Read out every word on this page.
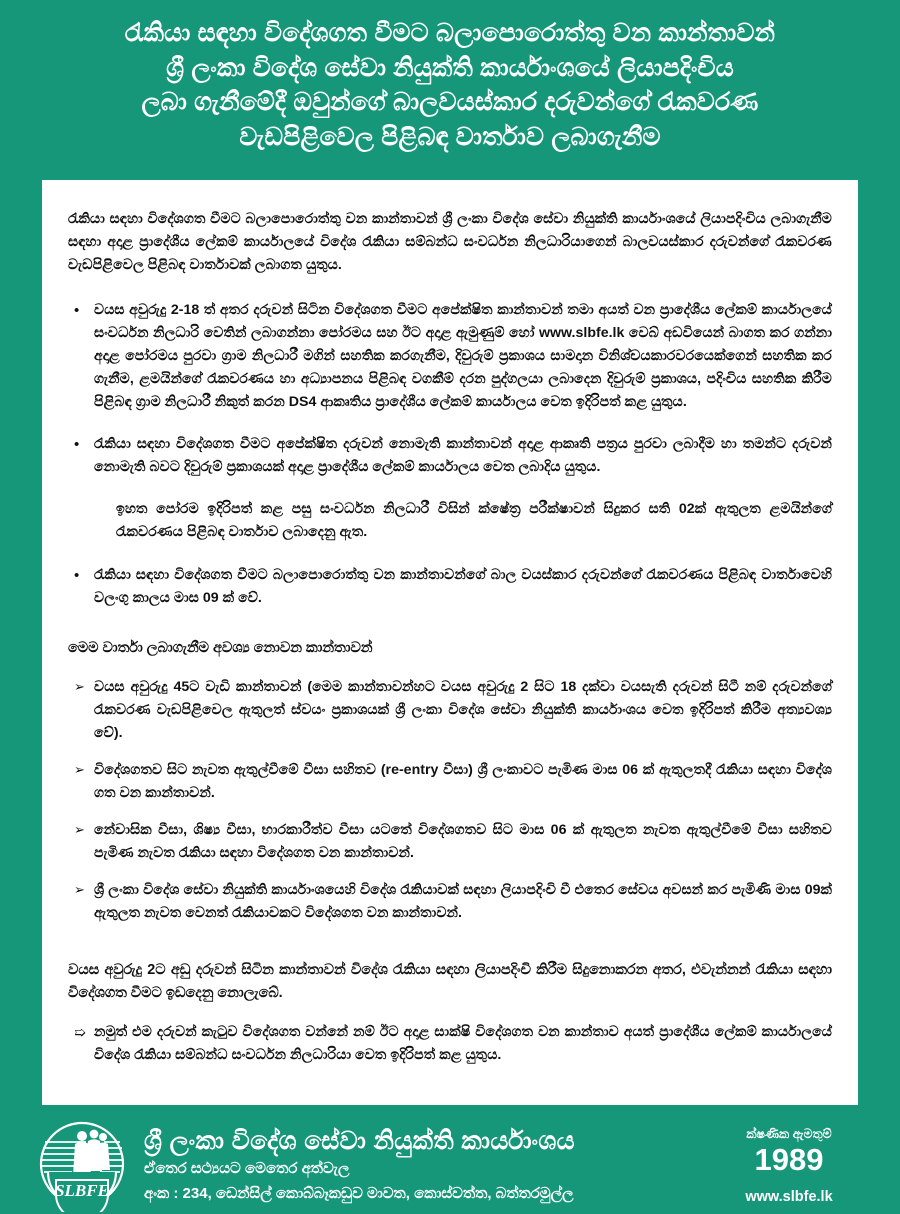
රැකියා සඳහා විදේශගත වීමට බලාපොරොත්තු වන කාන්තාවන්
ශ්‍රී ලංකා විදේශ සේවා නියුක්ති කාර්යාංශයේ ලියාපදිංචිය
ලබා ගැනීමේදී ඔවුන්ගේ බාලවයස්කාර දරුවන්ගේ රැකවරණ
වැඩපිළිවෙල පිළිබඳ වාර්තාව ලබාගැනීම

රැකියා සඳහා විදේශගත වීමට බලාපොරොත්තු වන කාන්තාවන් ශ්‍රී ලංකා විදේශ සේවා නියුක්ති කාර්යාංශයේ ලියාපදිංචිය ලබාගැනීම සඳහා අදාළ ප්‍රාදේශීය ලේකම් කාර්යාලයේ විදේශ රැකියා සම්බන්ධ සංවර්ධන නිලධාරියාගෙන් බාලවයස්කාර දරුවන්ගේ රැකවරණ වැඩපිළිවෙල පිළිබඳ වාර්තාවක් ලබාගත යුතුය.

•	වයස අවුරුදු 2-18 ත් අතර දරුවන් සිටින විදේශගත වීමට අපේක්ෂිත කාන්තාවන් තමා අයත් වන ප්‍රාදේශීය ලේකම් කාර්යාලයේ සංවර්ධන නිලධාරි වෙතින් ලබාගන්නා පෝරමය සහ ඊට අදාළ ඇමුණුම් හෝ www.slbfe.lk වෙබ් අඩවියෙන් බාගත කර ගන්නා අදාළ පෝරමය පුරවා ග්‍රාම නිලධාරී මගින් සහතික කරගැනීම, දිවුරුම් ප්‍රකාශය සාමදාන විනිශ්චයකාරවරයෙක්ගෙන් සහතික කර ගැනීම, ළමයින්ගේ රැකවරණය හා අධ්‍යාපනය පිළිබඳ වගකීම් දරන පුද්ගලයා ලබාදෙන දිවුරුම් ප්‍රකාශය, පදිංචිය සහතික කිරීම පිළිබඳ ග්‍රාම නිලධාරී නිකුත් කරන DS4 ආකෘතිය ප්‍රාදේශීය ලේකම් කාර්යාලය වෙත ඉදිරිපත් කළ යුතුය.
•	රැකියා සඳහා විදේශගත වීමට අපේක්ෂිත දරුවන් නොමැති කාන්තාවන් අදාළ ආකෘති පත්‍රය පුරවා ලබාදීම හා තමන්ට දරුවන් නොමැති බවට දිවුරුම් ප්‍රකාශයක් අදාළ ප්‍රාදේශීය ලේකම් කාර්යාලය වෙත ලබාදිය යුතුය.

ඉහත පෝරම ඉදිරිපත් කළ පසු සංවර්ධන නිලධාරී විසින් ක්ෂේත්‍ර පරීක්ෂාවන් සිදුකර සති 02ක් ඇතුලත ළමයින්ගේ රැකවරණය පිළිබඳ වාර්තාව ලබාදෙනු ඇත.

•	රැකියා සඳහා විදේශගත වීමට බලාපොරොත්තු වන කාන්තාවන්ගේ බාල වයස්කාර දරුවන්ගේ රැකවරණය පිළිබඳ වාර්තාවෙහි වලංගු කාලය මාස 09 ක් වේ.
මෙම වාර්තා ලබාගැනීම අවශ්‍ය නොවන කාන්තාවන්
➢ වයස අවුරුදු 45ට වැඩි කාන්තාවන් (මෙම කාන්තාවන්හට වයස අවුරුදු 2 සිට 18 දක්වා වයසැති දරුවන් සිටී නම් දරුවන්ගේ රැකවරණ වැඩපිළිවෙල ඇතුලත් ස්වයං ප්‍රකාශයක් ශ්‍රී ලංකා විදේශ සේවා නියුක්ති කාර්යාංශය වෙත ඉදිරිපත් කිරීම අත්‍යවශ්‍ය වේ).
➢ විදේශගතව සිට නැවත ඇතුල්වීමේ වීසා සහිතව (re-entry වීසා) ශ්‍රී ලංකාවට පැමිණ මාස 06 ක් ඇතුලතදී රැකියා සඳහා විදේශ ගත වන කාන්තාවන්.
➢ නේවාසික වීසා, ශිෂ්‍ය වීසා, භාරකාරීත්ව වීසා යටතේ විදේශගතව සිට මාස 06 ක් ඇතුලත නැවත ඇතුල්වීමේ වීසා සහිතව පැමිණ නැවත රැකියා සඳහා විදේශගත වන කාන්තාවන්.
➢ ශ්‍රී ලංකා විදේශ සේවා නියුක්ති කාර්යාංශයෙහි විදේශ රැකියාවක් සඳහා ලියාපදිංචි වී එතෙර සේවය අවසන් කර පැමිණි මාස 09ක් ඇතුලත නැවත වෙනත් රැකියාවකට විදේශගත වන කාන්තාවන්.
වයස අවුරුදු 2ට අඩු දරුවන් සිටින කාන්තාවන් විදේශ රැකියා සඳහා ලියාපදිංචි කිරීම සිදුනොකරන අතර, එවැන්නන් රැකියා සඳහා විදේශගත වීමට ඉඩදෙනු නොලැබේ.
➯ නමුත් එම දරුවන් කැටුව විදේශගත වන්නේ නම් ඊට අදාළ සාක්ෂි විදේශගත වන කාන්තාව අයත් ප්‍රාදේශීය ලේකම් කාර්යාලයේ විදේශ රැකියා සම්බන්ධ සංවර්ධන නිලධාරියා වෙත ඉදිරිපත් කළ යුතුය.
SLBFE
ශ්‍රී ලංකා විදේශ සේවා නියුක්ති කාර්යාංශය
ඒතෙර සථ්‍යයට මෙතෙර අත්වැල
අංක : 234, ඩෙන්සිල් කොබ්බෑකඩුව මාවත, කොස්වත්ත, බත්තරමුල්ල
ක්ෂණික ඇමතුම්
1989
www.slbfe.lk
